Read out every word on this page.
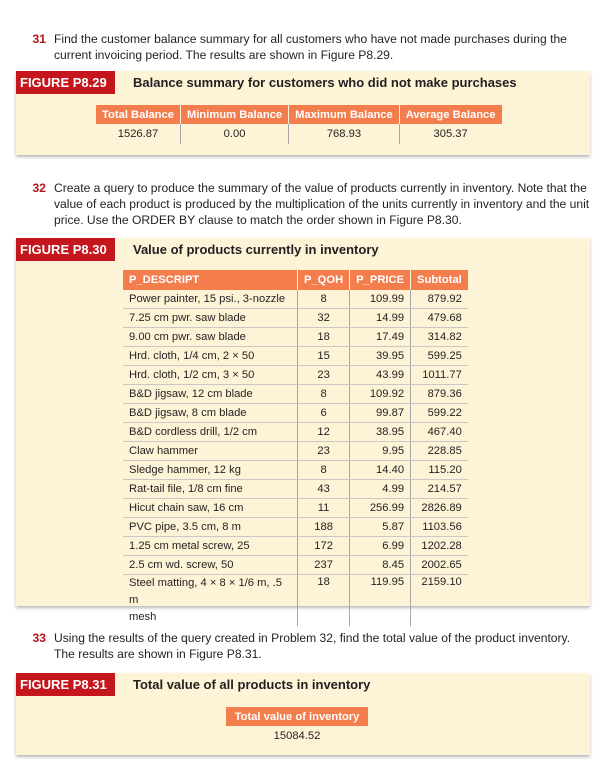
31 Find the customer balance summary for all customers who have not made purchases during the current invoicing period. The results are shown in Figure P8.29.
FIGURE P8.29	Balance summary for customers who did not make purchases
Total Balance	Minimum Balance	Maximum Balance	Average Balance
1526.87	0.00	768.93	305.37
32 Create a query to produce the summary of the value of products currently in inventory. Note that the value of each product is produced by the multiplication of the units currently in inventory and the unit price. Use the ORDER BY clause to match the order shown in Figure P8.30.
FIGURE P8.30	Value of products currently in inventory
P_DESCRIPT	P_QOH	P_PRICE	Subtotal
Power painter, 15 psi., 3-nozzle	8	109.99	879.92
7.25 cm pwr. saw blade	32	14.99	479.68
9.00 cm pwr. saw blade	18	17.49	314.82
Hrd. cloth, 1/4 cm, 2 × 50	15	39.95	599.25
Hrd. cloth, 1/2 cm, 3 × 50	23	43.99	1011.77
B&D jigsaw, 12 cm blade	8	109.92	879.36
B&D jigsaw, 8 cm blade	6	99.87	599.22
B&D cordless drill, 1/2 cm	12	38.95	467.40
Claw hammer	23	9.95	228.85
Sledge hammer, 12 kg	8	14.40	115.20
Rat-tail file, 1/8 cm fine	43	4.99	214.57
Hicut chain saw, 16 cm	11	256.99	2826.89
PVC pipe, 3.5 cm, 8 m	188	5.87	1103.56
1.25 cm metal screw, 25	172	6.99	1202.28
2.5 cm wd. screw, 50	237	8.45	2002.65
Steel matting, 4 × 8 × 1/6 m, .5 m
mesh	18	119.95	2159.10
33 Using the results of the query created in Problem 32, find the total value of the product inventory. The results are shown in Figure P8.31.
FIGURE P8.31	Total value of all products in inventory
Total value of inventory
15084.52
